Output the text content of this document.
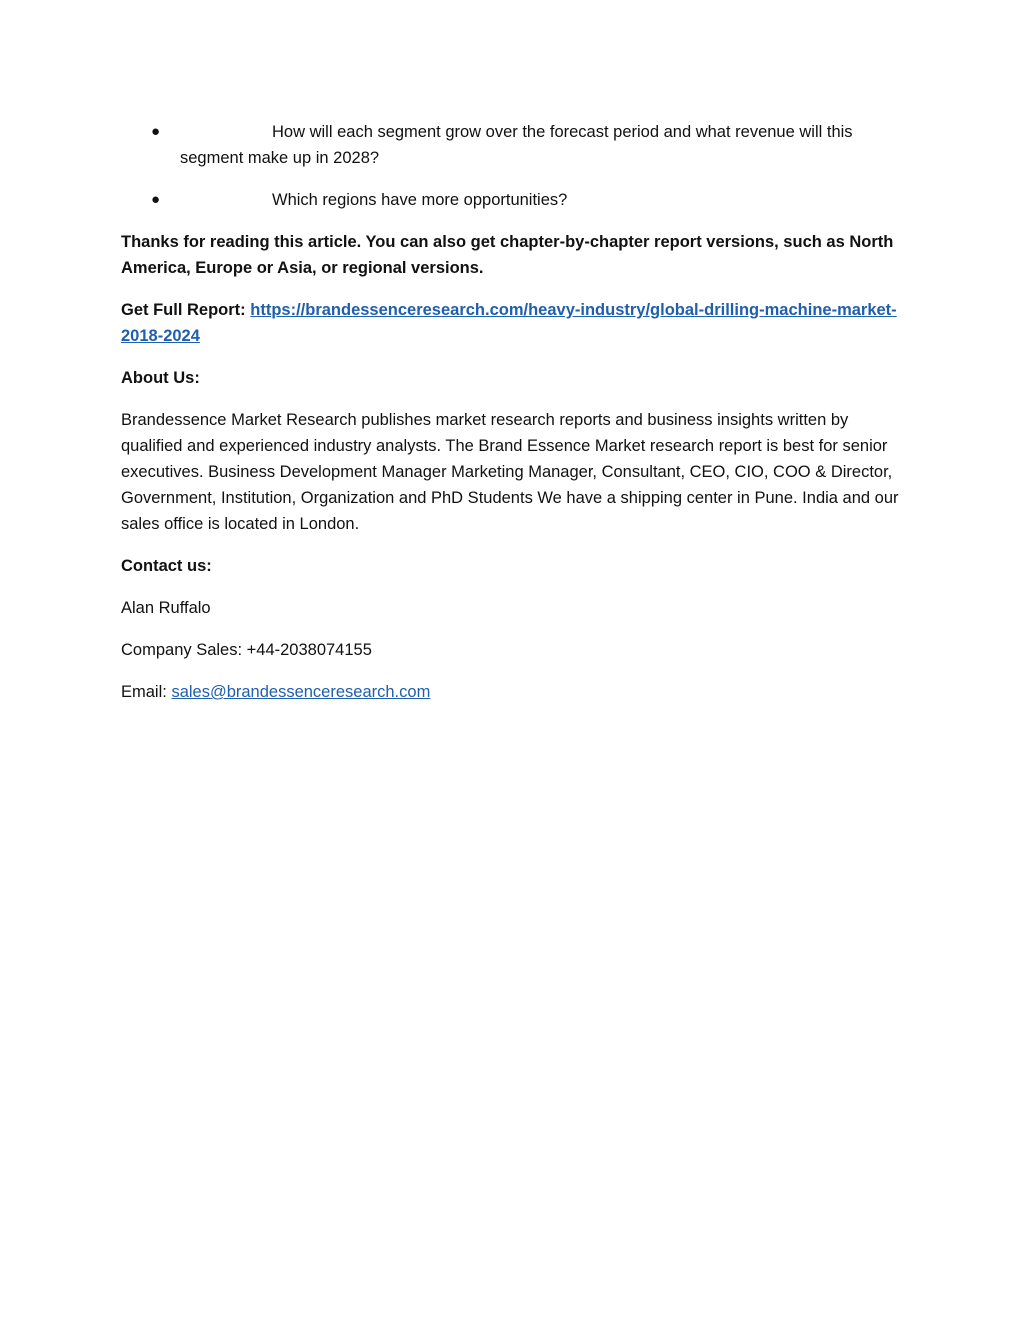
●	How will each segment grow over the forecast period and what revenue will this segment make up in 2028?
●	Which regions have more opportunities?

Thanks for reading this article. You can also get chapter-by-chapter report versions, such as North America, Europe or Asia, or regional versions.

Get Full Report: https://brandessenceresearch.com/heavy-industry/global-drilling-machine-market-2018-2024

About Us:

Brandessence Market Research publishes market research reports and business insights written by qualified and experienced industry analysts. The Brand Essence Market research report is best for senior executives. Business Development Manager Marketing Manager, Consultant, CEO, CIO, COO & Director, Government, Institution, Organization and PhD Students We have a shipping center in Pune. India and our sales office is located in London.

Contact us:

Alan Ruffalo

Company Sales: +44-2038074155

Email: sales@brandessenceresearch.com
